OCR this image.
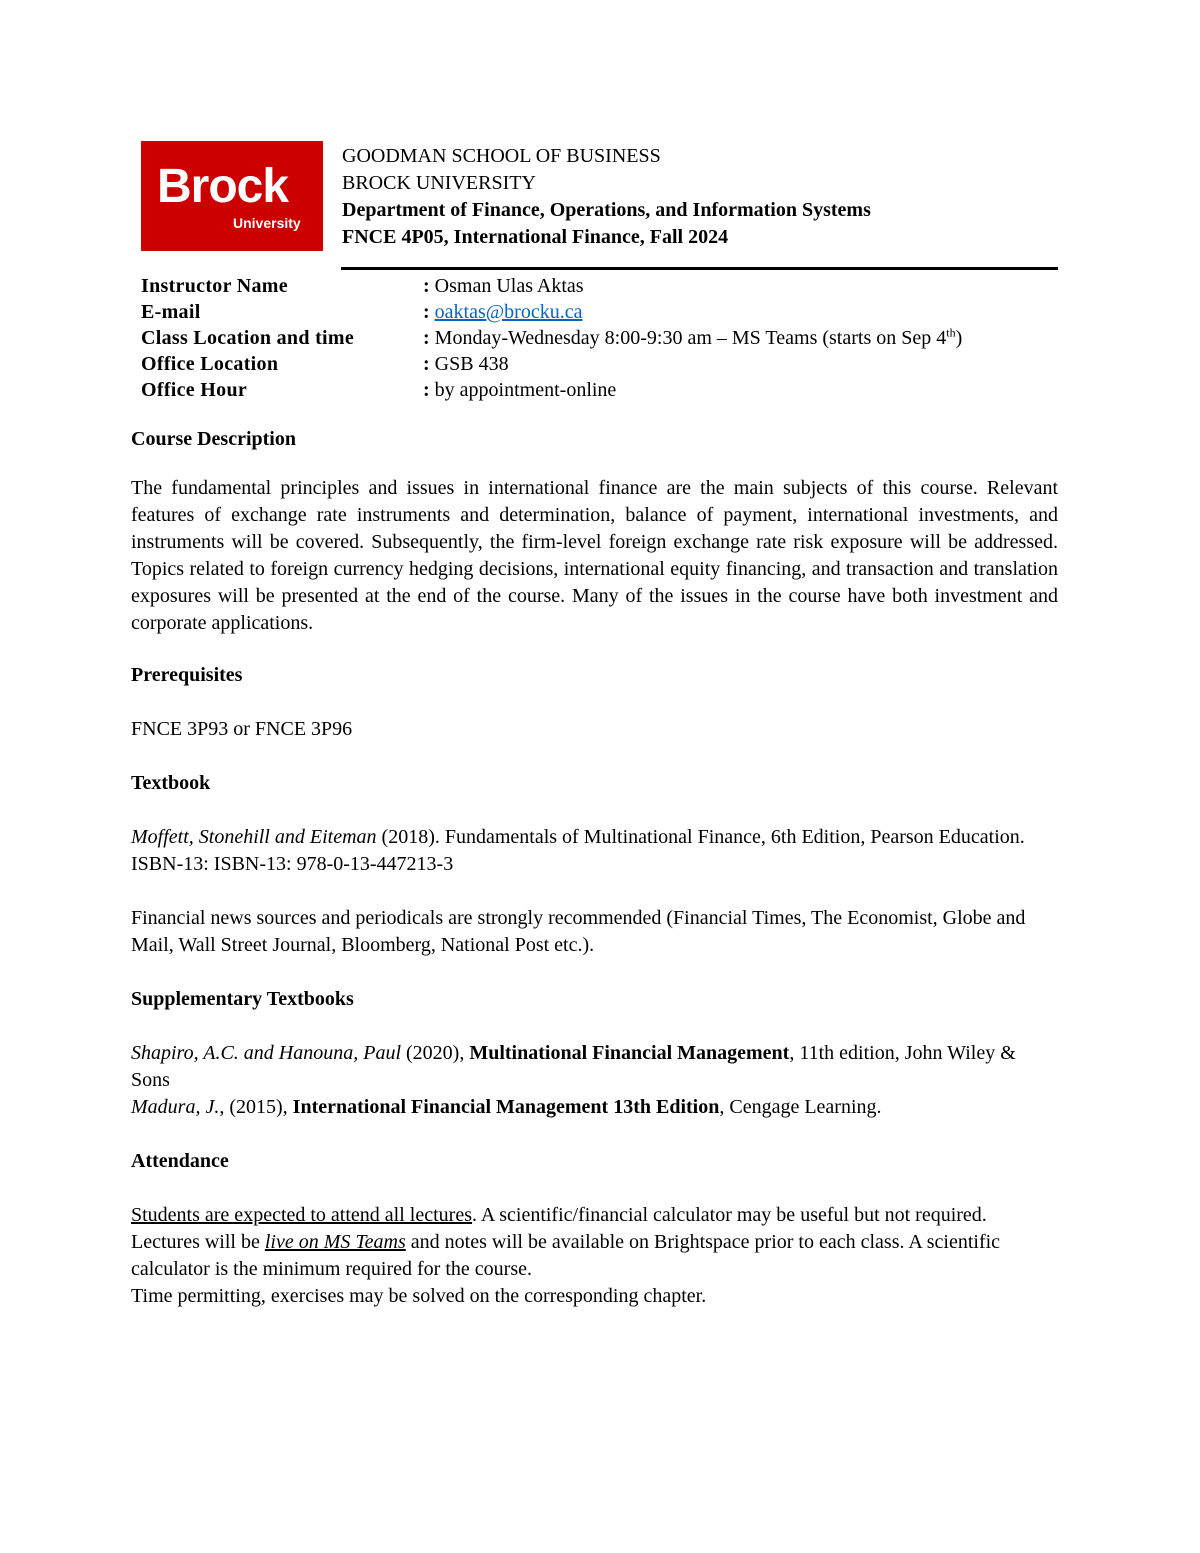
Brock
University
GOODMAN SCHOOL OF BUSINESS
BROCK UNIVERSITY
Department of Finance, Operations, and Information Systems
FNCE 4P05, International Finance, Fall 2024
Instructor Name	: Osman Ulas Aktas
E-mail	: oaktas@brocku.ca
Class Location and time	: Monday-Wednesday 8:00-9:30 am – MS Teams (starts on Sep 4th)
Office Location	: GSB 438
Office Hour	: by appointment-online
Course Description

The fundamental principles and issues in international finance are the main subjects of this course. Relevant features of exchange rate instruments and determination, balance of payment, international investments, and instruments will be covered. Subsequently, the firm-level foreign exchange rate risk exposure will be addressed. Topics related to foreign currency hedging decisions, international equity financing, and transaction and translation exposures will be presented at the end of the course. Many of the issues in the course have both investment and corporate applications.

Prerequisites

FNCE 3P93 or FNCE 3P96

Textbook

Moffett, Stonehill and Eiteman (2018). Fundamentals of Multinational Finance, 6th Edition, Pearson Education. ISBN-13: ISBN-13: 978-0-13-447213-3

Financial news sources and periodicals are strongly recommended (Financial Times, The Economist, Globe and Mail, Wall Street Journal, Bloomberg, National Post etc.).

Supplementary Textbooks

Shapiro, A.C. and Hanouna, Paul (2020), Multinational Financial Management, 11th edition, John Wiley & Sons

Madura, J., (2015), International Financial Management 13th Edition, Cengage Learning.

Attendance

Students are expected to attend all lectures. A scientific/financial calculator may be useful but not required. Lectures will be live on MS Teams and notes will be available on Brightspace prior to each class. A scientific calculator is the minimum required for the course.

Time permitting, exercises may be solved on the corresponding chapter.
